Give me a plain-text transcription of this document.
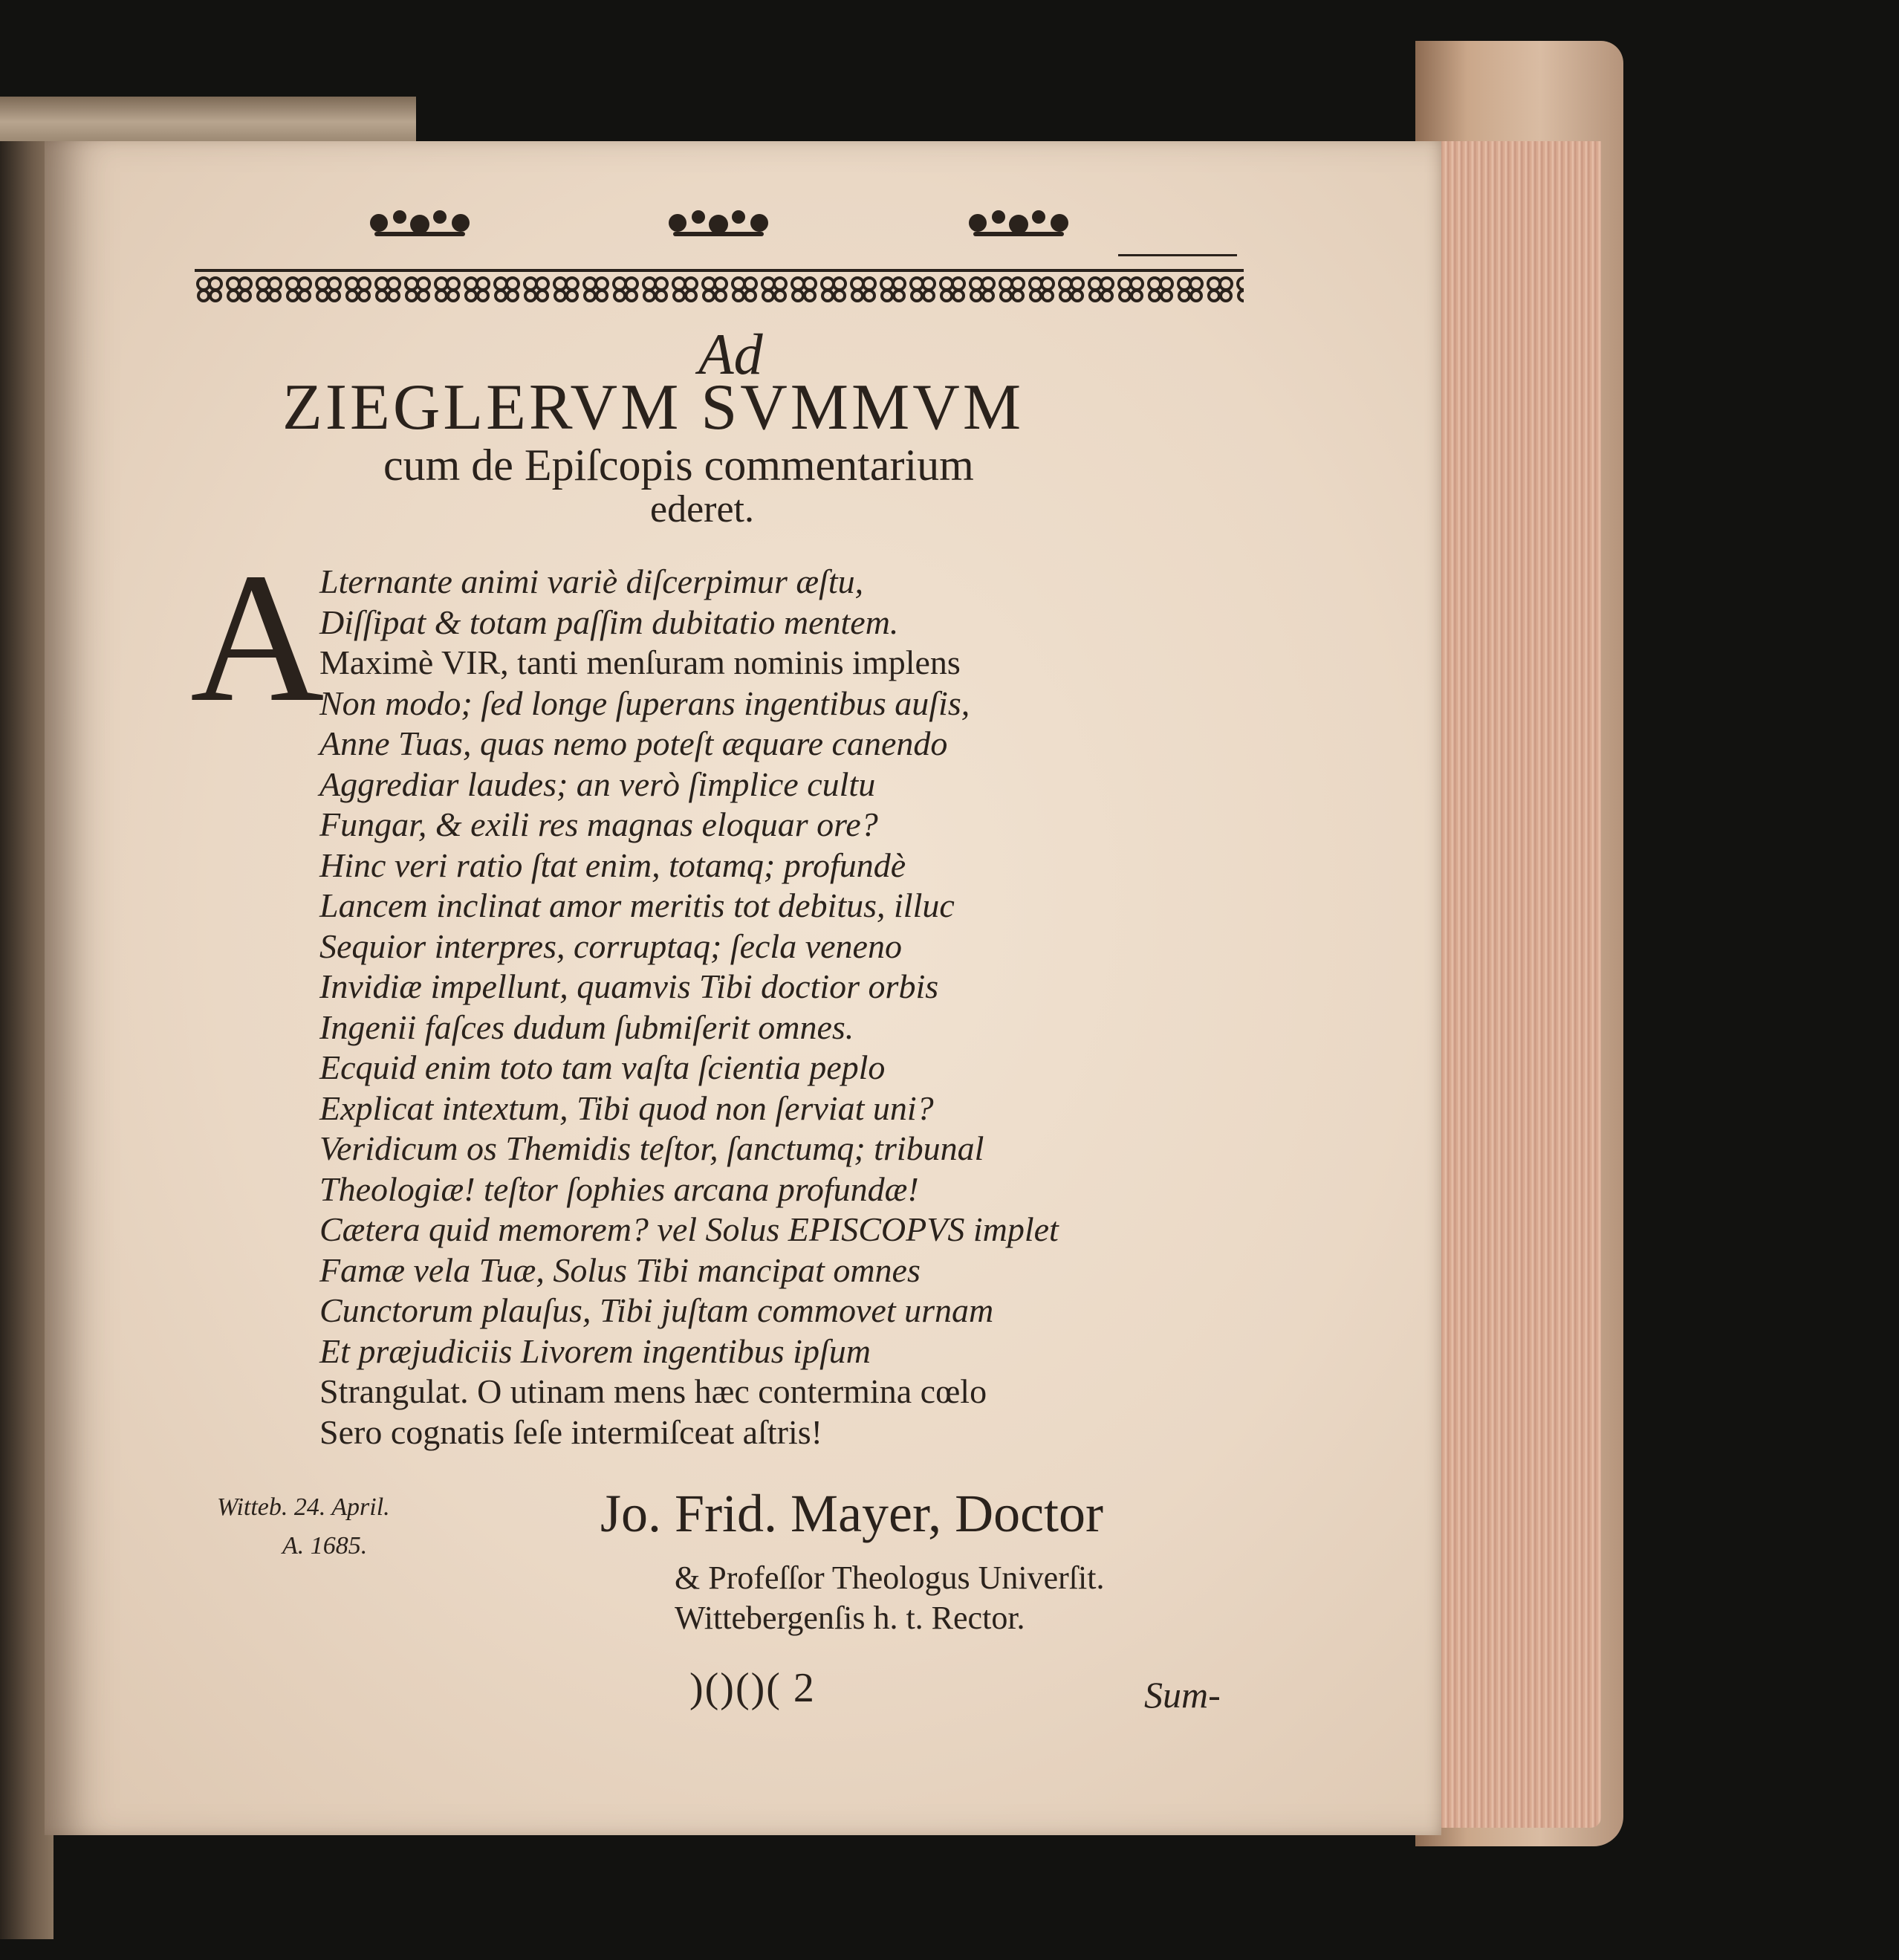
Ad
ZIEGLERVM SVMMVM
cum de Epiſcopis commentarium
ederet.
A
Lternante animi variè diſcerpimur æſtu,
Diſſipat & totam paſſim dubitatio mentem.
Maximè VIR, tanti menſuram nominis implens
Non modo; ſed longe ſuperans ingentibus auſis,
Anne Tuas, quas nemo poteſt æquare canendo
Aggrediar laudes; an verò ſimplice cultu
Fungar, & exili res magnas eloquar ore?
Hinc veri ratio ſtat enim, totamq; profundè
Lancem inclinat amor meritis tot debitus, illuc
Sequior interpres, corruptaq; ſecla veneno
Invidiæ impellunt, quamvis Tibi doctior orbis
Ingenii faſces dudum ſubmiſerit omnes.
Ecquid enim toto tam vaſta ſcientia peplo
Explicat intextum, Tibi quod non ſerviat uni?
Veridicum os Themidis teſtor, ſanctumq; tribunal
Theologiæ! teſtor ſophies arcana profundæ!
Cætera quid memorem? vel Solus EPISCOPVS implet
Famæ vela Tuæ, Solus Tibi mancipat omnes
Cunctorum plauſus, Tibi juſtam commovet urnam
Et præjudiciis Livorem ingentibus ipſum
Strangulat. O utinam mens hæc contermina cœlo
Sero cognatis ſeſe intermiſceat aſtris!
Witteb. 24. April.
A. 1685.
Jo. Frid. Mayer, Doctor
& Profeſſor Theologus Univerſit.
Wittebergenſis h. t. Rector.
)()()( 2	Sum-
